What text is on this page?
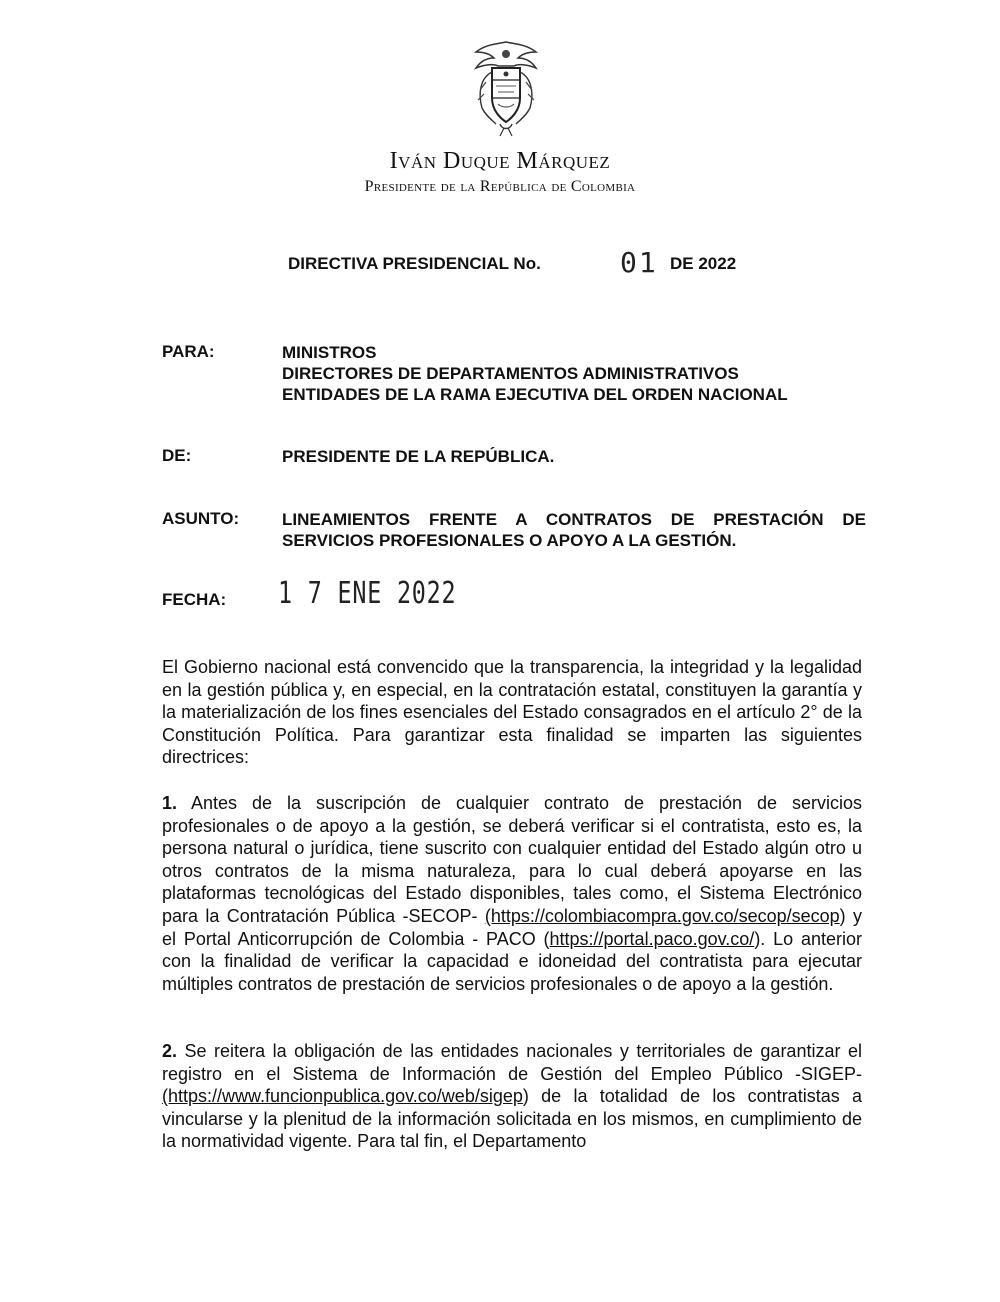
Iván Duque Márquez
Presidente de la República de Colombia
DIRECTIVA PRESIDENCIAL No.	01 DE 2022
PARA:	MINISTROS
DIRECTORES DE DEPARTAMENTOS ADMINISTRATIVOS
ENTIDADES DE LA RAMA EJECUTIVA DEL ORDEN NACIONAL
DE:	PRESIDENTE DE LA REPÚBLICA.
ASUNTO:	LINEAMIENTOS FRENTE A CONTRATOS DE PRESTACIÓN DE
SERVICIOS PROFESIONALES O APOYO A LA GESTIÓN.
FECHA: 1 7 ENE 2022

El Gobierno nacional está convencido que la transparencia, la integridad y la legalidad en la gestión pública y, en especial, en la contratación estatal, constituyen la garantía y la materialización de los fines esenciales del Estado consagrados en el artículo 2° de la Constitución Política. Para garantizar esta finalidad se imparten las siguientes directrices:

1. Antes de la suscripción de cualquier contrato de prestación de servicios profesionales o de apoyo a la gestión, se deberá verificar si el contratista, esto es, la persona natural o jurídica, tiene suscrito con cualquier entidad del Estado algún otro u otros contratos de la misma naturaleza, para lo cual deberá apoyarse en las plataformas tecnológicas del Estado disponibles, tales como, el Sistema Electrónico para la Contratación Pública -SECOP- (https://colombiacompra.gov.co/secop/secop) y el Portal Anticorrupción de Colombia - PACO (https://portal.paco.gov.co/). Lo anterior con la finalidad de verificar la capacidad e idoneidad del contratista para ejecutar múltiples contratos de prestación de servicios profesionales o de apoyo a la gestión.

2. Se reitera la obligación de las entidades nacionales y territoriales de garantizar el registro en el Sistema de Información de Gestión del Empleo Público -SIGEP- (https://www.funcionpublica.gov.co/web/sigep) de la totalidad de los contratistas a vincularse y la plenitud de la información solicitada en los mismos, en cumplimiento de la normatividad vigente. Para tal fin, el Departamento
